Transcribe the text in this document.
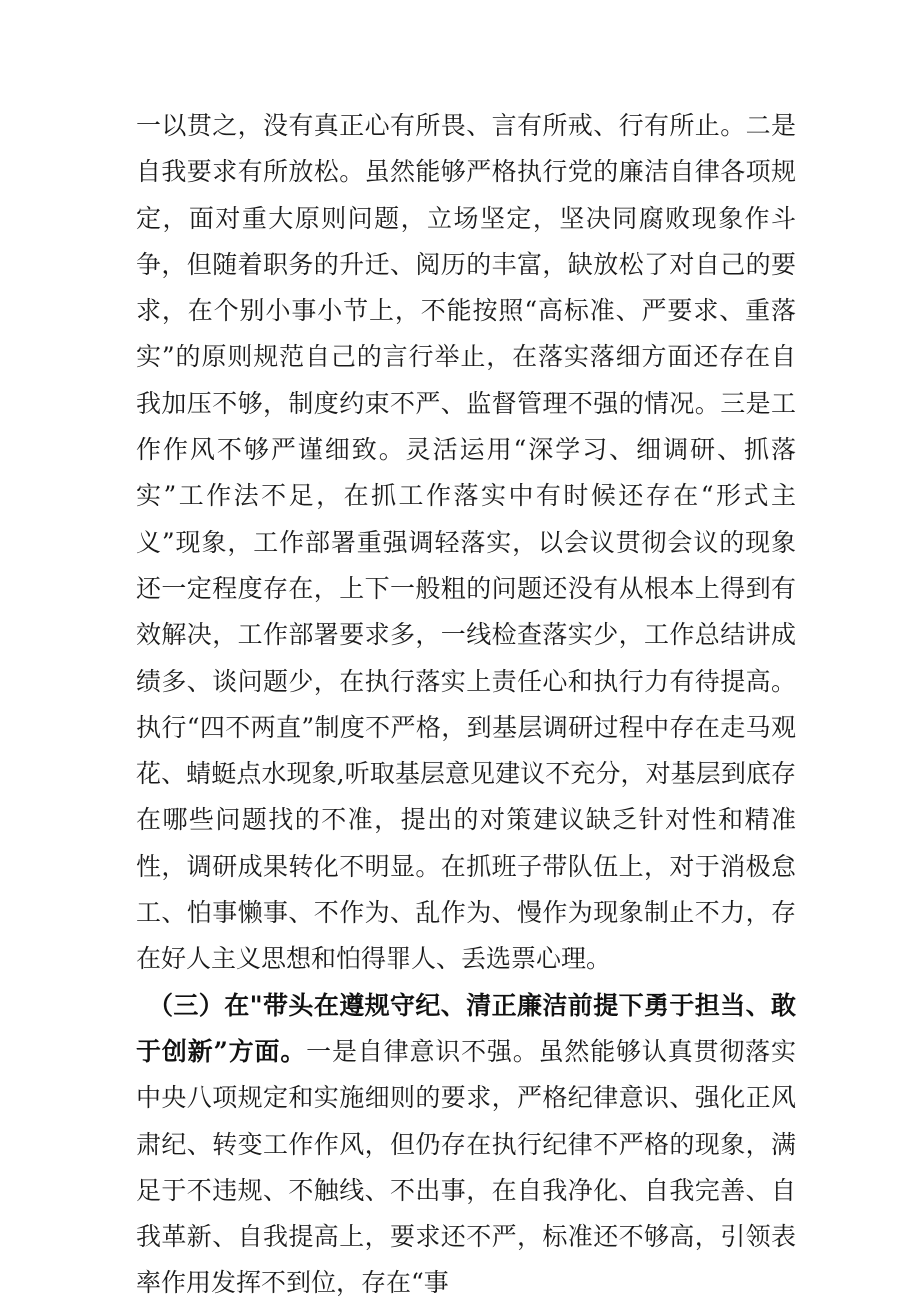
一以贯之，没有真正心有所畏、言有所戒、行有所止。二是自我要求有所放松。虽然能够严格执行党的廉洁自律各项规定，面对重大原则问题，立场坚定，坚决同腐败现象作斗争，但随着职务的升迁、阅历的丰富，缺放松了对自己的要求，在个别小事小节上，不能按照“高标准、严要求、重落实”的原则规范自己的言行举止，在落实落细方面还存在自我加压不够，制度约束不严、监督管理不强的情况。三是工作作风不够严谨细致。灵活运用“深学习、细调研、抓落实”工作法不足，在抓工作落实中有时候还存在“形式主义”现象，工作部署重强调轻落实，以会议贯彻会议的现象还一定程度存在，上下一般粗的问题还没有从根本上得到有效解决，工作部署要求多，一线检查落实少，工作总结讲成绩多、谈问题少，在执行落实上责任心和执行力有待提高。执行“四不两直”制度不严格，到基层调研过程中存在走马观花、蜻蜓点水现象,听取基层意见建议不充分，对基层到底存在哪些问题找的不准，提出的对策建议缺乏针对性和精准性，调研成果转化不明显。在抓班子带队伍上，对于消极怠工、怕事懒事、不作为、乱作为、慢作为现象制止不力，存在好人主义思想和怕得罪人、丢选票心理。

（三）在"带头在遵规守纪、清正廉洁前提下勇于担当、敢于创新”方面。一是自律意识不强。虽然能够认真贯彻落实中央八项规定和实施细则的要求，严格纪律意识、强化正风肃纪、转变工作作风，但仍存在执行纪律不严格的现象，满足于不违规、不触线、不出事，在自我净化、自我完善、自我革新、自我提高上，要求还不严，标准还不够高，引领表率作用发挥不到位，存在“事
